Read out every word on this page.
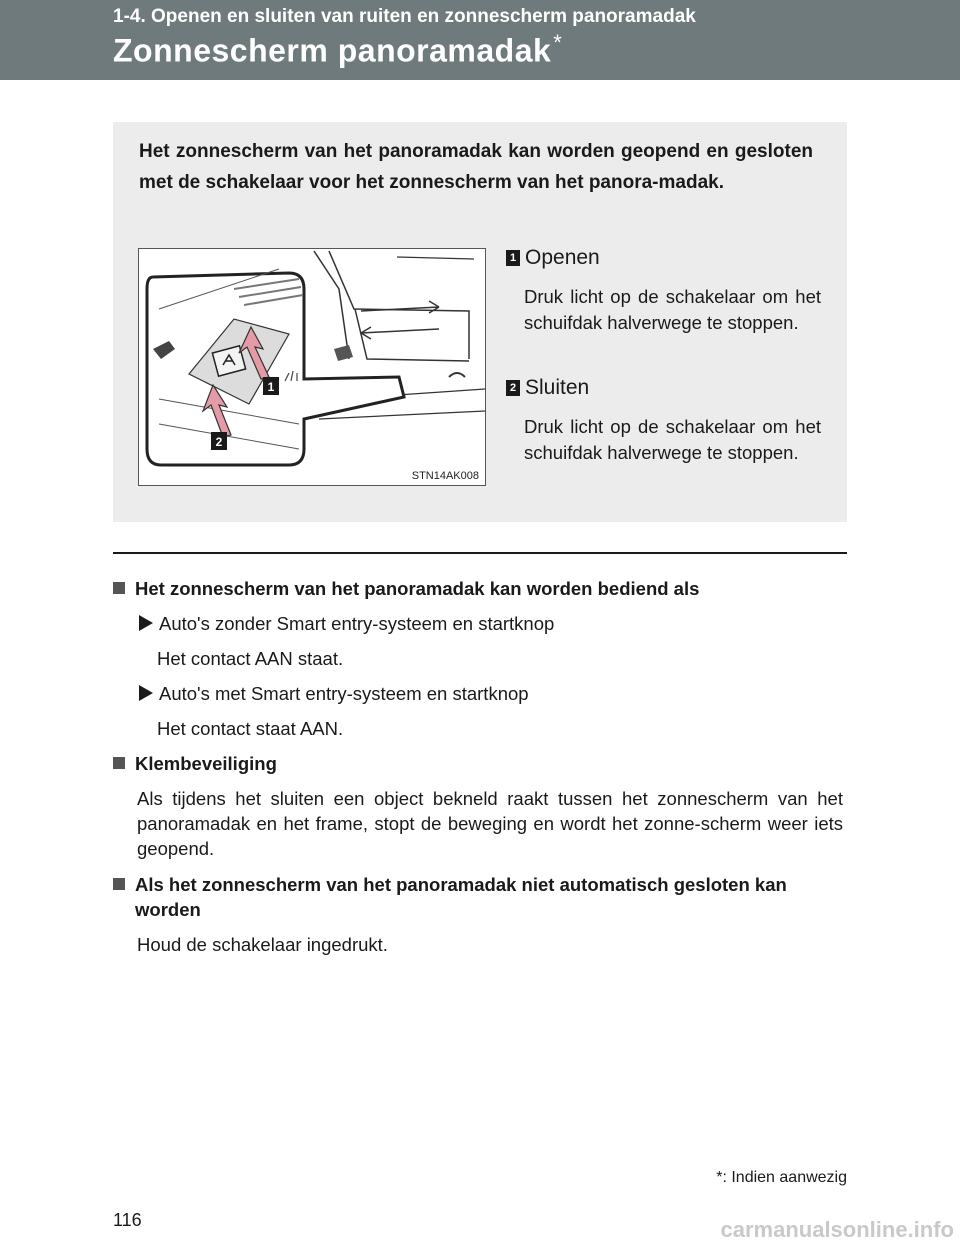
1-4. Openen en sluiten van ruiten en zonnescherm panoramadak
Zonnescherm panoramadak*
Het zonnescherm van het panoramadak kan worden geopend en gesloten met de schakelaar voor het zonnescherm van het panora-madak.
1
2
STN14AK008
1 Openen
Druk licht op de schakelaar om het schuifdak halverwege te stoppen.
2 Sluiten
Druk licht op de schakelaar om het schuifdak halverwege te stoppen.
Het zonnescherm van het panoramadak kan worden bediend als
Auto's zonder Smart entry-systeem en startknop
Het contact AAN staat.
Auto's met Smart entry-systeem en startknop
Het contact staat AAN.
Klembeveiliging
Als tijdens het sluiten een object bekneld raakt tussen het zonnescherm van het panoramadak en het frame, stopt de beweging en wordt het zonne-scherm weer iets geopend.
Als het zonnescherm van het panoramadak niet automatisch gesloten kan worden
Houd de schakelaar ingedrukt.
*: Indien aanwezig
116	carmanualsonline.info
